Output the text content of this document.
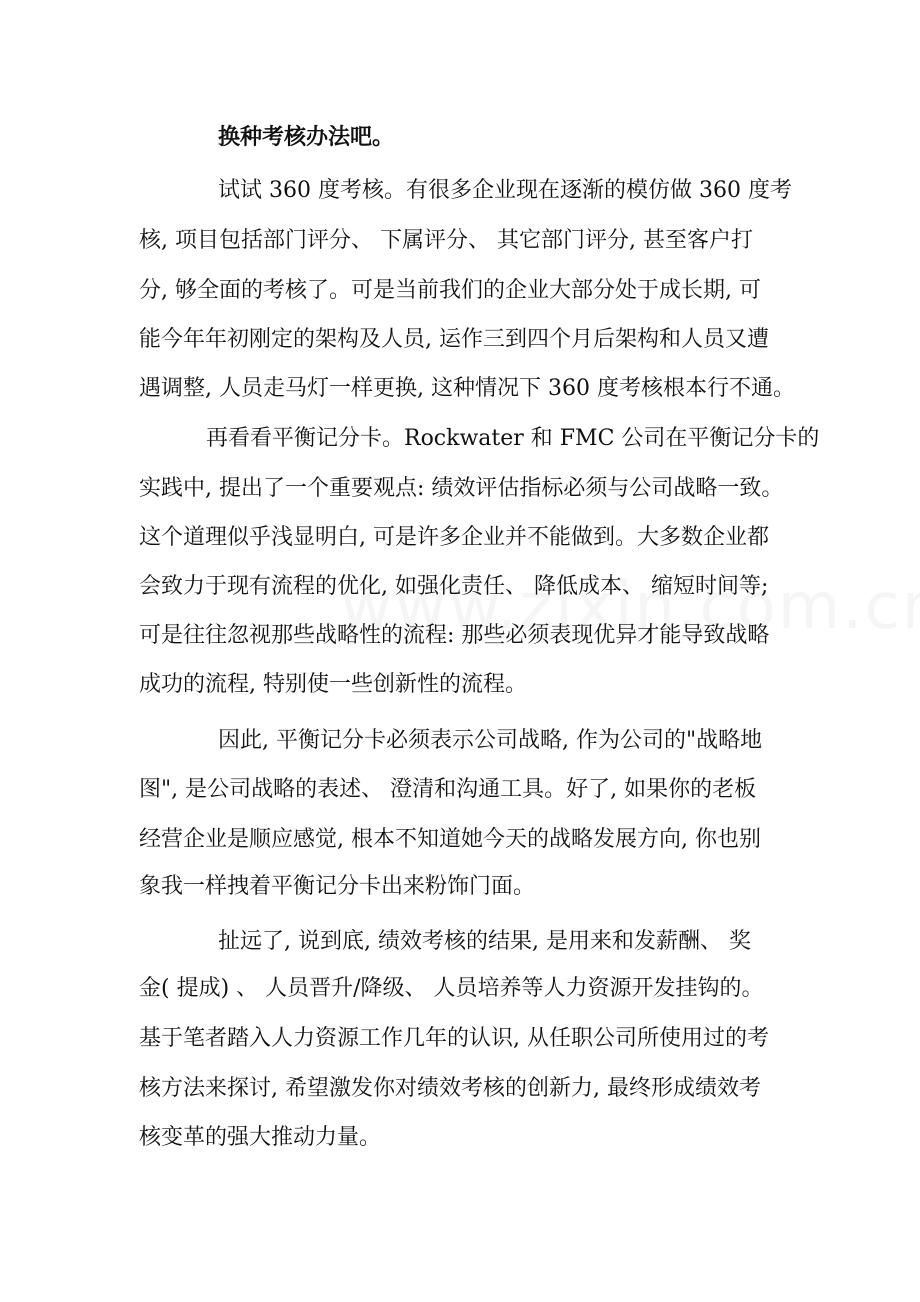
换种考核办法吧。
试试 360 度考核。有很多企业现在逐渐的模仿做 360 度考
核, 项目包括部门评分、 下属评分、 其它部门评分, 甚至客户打
分, 够全面的考核了。可是当前我们的企业大部分处于成长期, 可
能今年年初刚定的架构及人员, 运作三到四个月后架构和人员又遭
遇调整, 人员走马灯一样更换, 这种情况下 360 度考核根本行不通。
再看看平衡记分卡。Rockwater 和 FMC 公司在平衡记分卡的
实践中, 提出了一个重要观点: 绩效评估指标必须与公司战略一致。
这个道理似乎浅显明白, 可是许多企业并不能做到。大多数企业都
会致力于现有流程的优化, 如强化责任、 降低成本、 缩短时间等;
可是往往忽视那些战略性的流程: 那些必须表现优异才能导致战略
成功的流程, 特别使一些创新性的流程。
因此, 平衡记分卡必须表示公司战略, 作为公司的"战略地
图", 是公司战略的表述、 澄清和沟通工具。好了, 如果你的老板
经营企业是顺应感觉, 根本不知道她今天的战略发展方向, 你也别
象我一样拽着平衡记分卡出来粉饰门面。
扯远了, 说到底, 绩效考核的结果, 是用来和发薪酬、 奖
金( 提成) 、 人员晋升/降级、 人员培养等人力资源开发挂钩的。
基于笔者踏入人力资源工作几年的认识, 从任职公司所使用过的考
核方法来探讨, 希望激发你对绩效考核的创新力, 最终形成绩效考
核变革的强大推动力量。
